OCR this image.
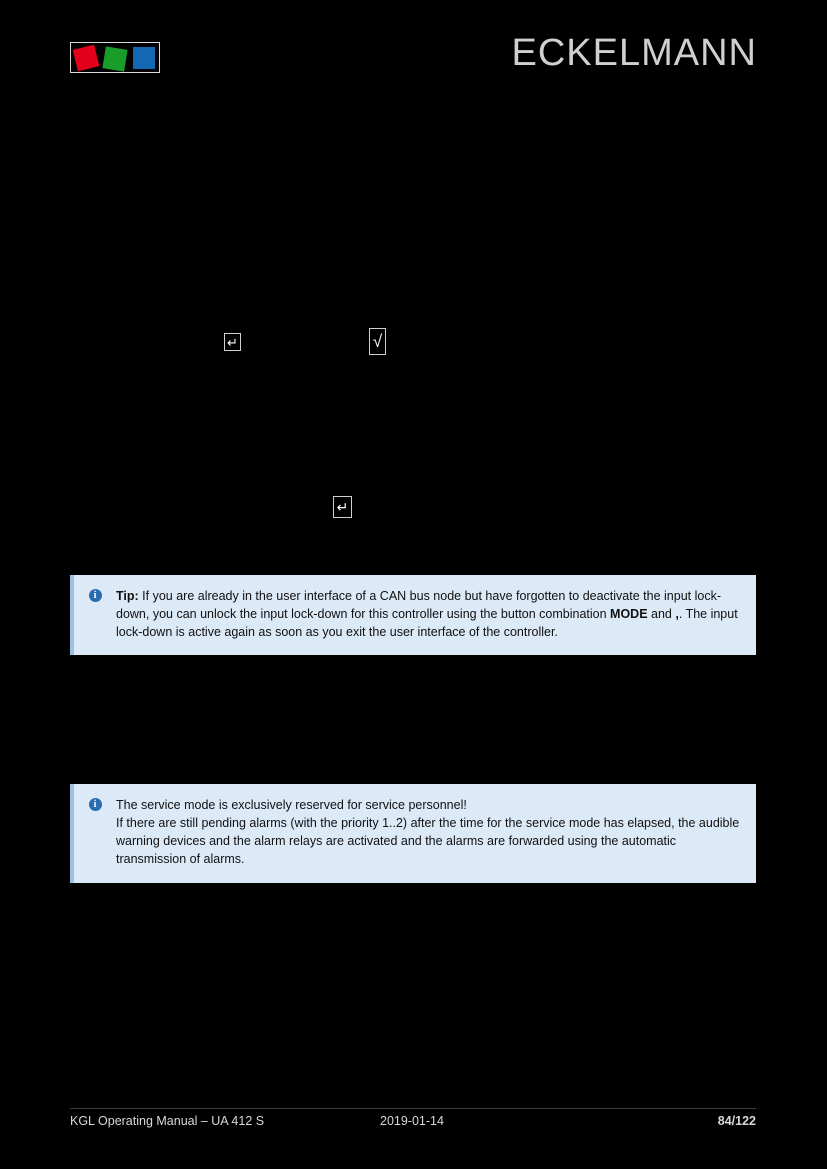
ECKELMANN
↵	√
↵
i	Tip: If you are already in the user interface of a CAN bus node but have forgotten to deactivate the input lock-down, you can unlock the input lock-down for this controller using the button combination MODE and ,. The input lock-down is active again as soon as you exit the user interface of the controller.

i	The service mode is exclusively reserved for service personnel!

If there are still pending alarms (with the priority 1..2) after the time for the service mode has elapsed, the audible warning devices and the alarm relays are activated and the alarms are forwarded using the automatic transmission of alarms.

KGL Operating Manual – UA 412 S	2019-01-14	84/122
